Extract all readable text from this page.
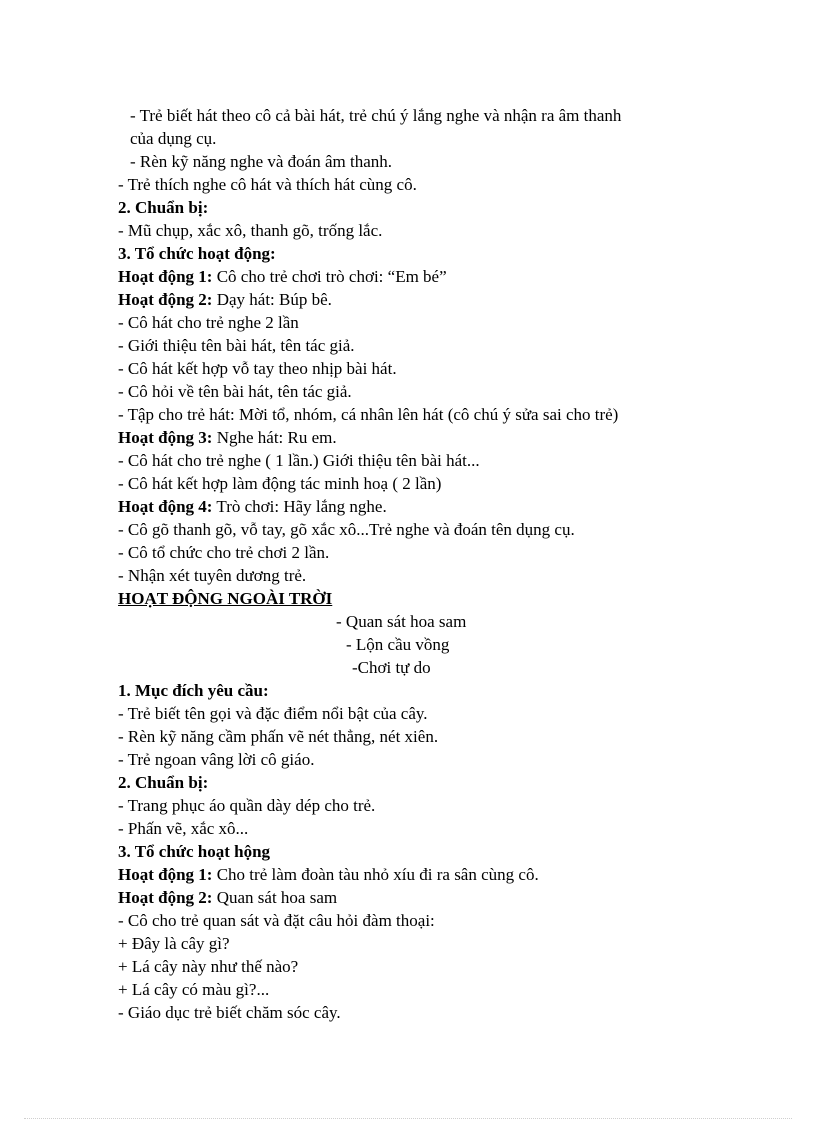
- Trẻ biết hát theo cô cả bài hát, trẻ chú ý lắng nghe và nhận ra âm thanh
của dụng cụ.
- Rèn kỹ năng nghe và đoán âm thanh.
- Trẻ thích nghe cô hát và thích hát cùng cô.
2. Chuẩn bị:
- Mũ chụp, xắc xô, thanh gõ, trống lắc.
3. Tổ chức hoạt động:
Hoạt động 1: Cô cho trẻ chơi trò chơi: “Em bé”
Hoạt động 2: Dạy hát: Búp bê.
- Cô hát cho trẻ nghe 2 lần
- Giới thiệu tên bài hát, tên tác giả.
- Cô hát kết hợp vỗ tay theo nhịp bài hát.
- Cô hỏi về tên bài hát, tên tác giả.
- Tập cho trẻ hát: Mời tổ, nhóm, cá nhân lên hát (cô chú ý sửa sai cho trẻ)
Hoạt động 3: Nghe hát: Ru em.
- Cô hát cho trẻ nghe ( 1 lần.) Giới thiệu tên bài hát...
- Cô hát kết hợp làm động tác minh hoạ ( 2 lần)
Hoạt động 4: Trò chơi: Hãy lắng nghe.
- Cô gõ thanh gõ, vỗ tay, gõ xắc xô...Trẻ nghe và đoán tên dụng cụ.
- Cô tổ chức cho trẻ chơi 2 lần.
- Nhận xét tuyên dương trẻ.
HOẠT ĐỘNG NGOÀI TRỜI
- Quan sát hoa sam
- Lộn cầu vồng
-Chơi tự do
1. Mục đích yêu cầu:
- Trẻ biết tên gọi và đặc điểm nổi bật của cây.
- Rèn kỹ năng cầm phấn vẽ nét thẳng, nét xiên.
- Trẻ ngoan vâng lời cô giáo.
2. Chuẩn bị:
- Trang phục áo quần dày dép cho trẻ.
- Phấn vẽ, xắc xô...
3. Tổ chức hoạt hộng
Hoạt động 1: Cho trẻ làm đoàn tàu nhỏ xíu đi ra sân cùng cô.
Hoạt động 2: Quan sát hoa sam
- Cô cho trẻ quan sát và đặt câu hỏi đàm thoại:
+ Đây là cây gì?
+ Lá cây này như thế nào?
+ Lá cây có màu gì?...
- Giáo dục trẻ biết chăm sóc cây.
